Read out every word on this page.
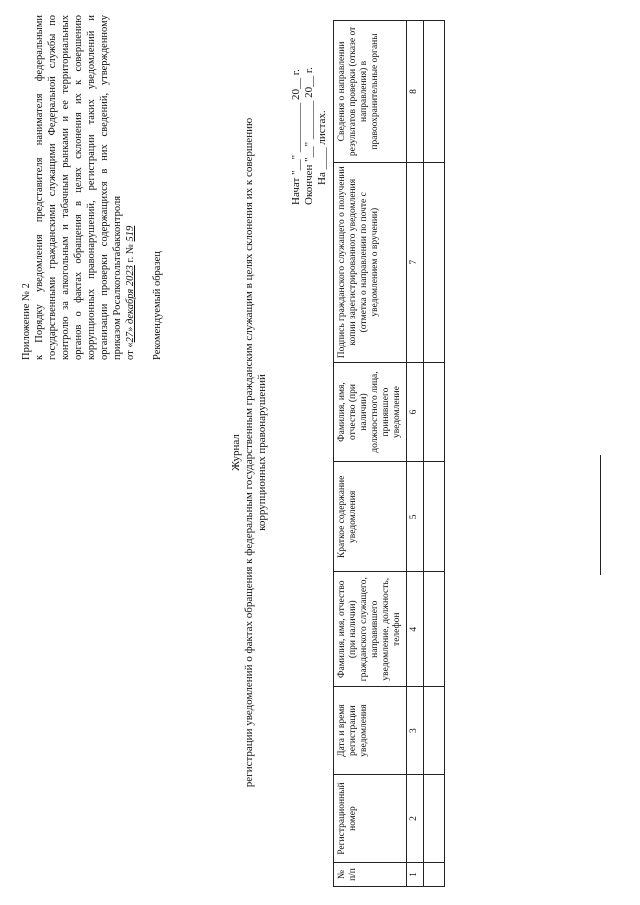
Приложение № 2 к Порядку уведомления представителя нанимателя федеральными государственными гражданскими служащими Федеральной службы по контролю за алкогольным и табачным рынками и ее территориальных органов о фактах обращения в целях склонения их к совершению коррупционных правонарушений, регистрации таких уведомлений и организации проверки содержащихся в них сведений, утвержденному приказом Росалкогольтабакконтроля от «27» декабря 2023 г. № 519

Рекомендуемый образец

Журнал регистрации уведомлений о фактах обращения к федеральным государственным гражданским служащим в целях склонения их к совершению коррупционных правонарушений
Начат "__" _________ 20__ г. Окончен "__" _______ 20__ г. На ____ листах.
№ п/п	Регистрационный номер	Дата и время регистрации уведомления	Фамилия, имя, отчество (при наличии) гражданского служащего, направившего уведомление, должность, телефон	Краткое содержание уведомления	Фамилия, имя, отчество (при наличии) должностного лица, принявшего уведомление	Подпись гражданского служащего о получении копии зарегистрированного уведомления (отметка о направлении по почте с уведомлением о вручении)	Сведения о направлении результатов проверки (отказе от направления) в правоохранительные органы
1	2	3	4	5	6	7	8
